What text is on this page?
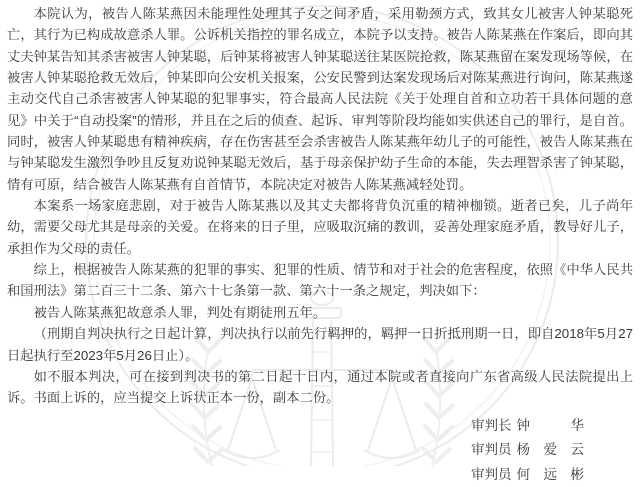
本院认为，被告人陈某燕因未能理性处理其子女之间矛盾，采用勒颈方式，致其女儿被害人钟某聪死亡，其行为已构成故意杀人罪。公诉机关指控的罪名成立，本院予以支持。被告人陈某燕在作案后，即向其丈夫钟某告知其杀害被害人钟某聪，后钟某将被害人钟某聪送往某医院抢救，陈某燕留在案发现场等候，在被害人钟某聪抢救无效后，钟某即向公安机关报案，公安民警到达案发现场后对陈某燕进行询问，陈某燕遂主动交代自己杀害被害人钟某聪的犯罪事实，符合最高人民法院《关于处理自首和立功若干具体问题的意见》中关于“自动投案”的情形，并且在之后的侦查、起诉、审判等阶段均能如实供述自己的罪行，是自首。同时，被害人钟某聪患有精神疾病，存在伤害甚至会杀害被告人陈某燕年幼儿子的可能性，被告人陈某燕在与钟某聪发生激烈争吵且反复劝说钟某聪无效后，基于母亲保护幼子生命的本能，失去理智杀害了钟某聪，情有可原，结合被告人陈某燕有自首情节，本院决定对被告人陈某燕减轻处罚。

本案系一场家庭悲剧，对于被告人陈某燕以及其丈夫都将背负沉重的精神枷锁。逝者已矣，儿子尚年幼，需要父母尤其是母亲的关爱。在将来的日子里，应吸取沉痛的教训，妥善处理家庭矛盾，教导好儿子，承担作为父母的责任。

综上，根据被告人陈某燕的犯罪的事实、犯罪的性质、情节和对于社会的危害程度，依照《中华人民共和国刑法》第二百三十二条、第六十七条第一款、第六十一条之规定，判决如下：

被告人陈某燕犯故意杀人罪，判处有期徒刑五年。

（刑期自判决执行之日起计算，判决执行以前先行羁押的，羁押一日折抵刑期一日，即自2018年5月27日起执行至2023年5月26日止）。

如不服本判决，可在接到判决书的第二日起十日内，通过本院或者直接向广东省高级人民法院提出上诉。书面上诉的，应当提交上诉状正本一份，副本二份。

审判长 钟　　　华
审判员 杨　爱　云
审判员 何　远　彬
